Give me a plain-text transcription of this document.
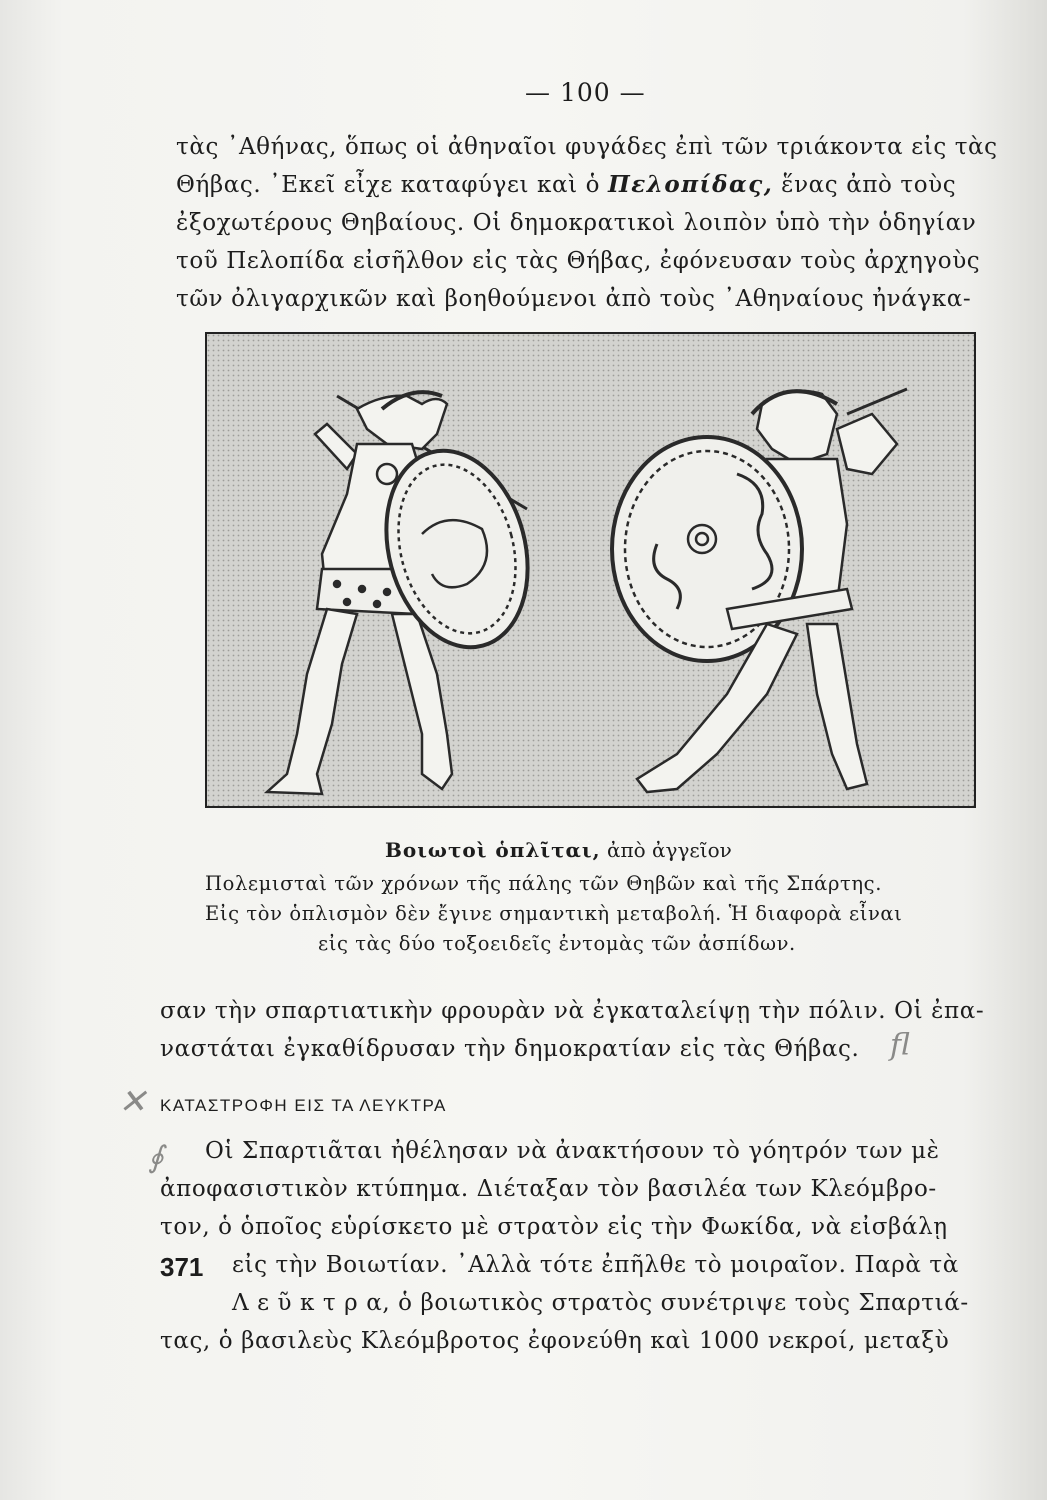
— 100 —
τὰς ᾿Αθήνας, ὅπως οἱ ἀθηναῖοι φυγάδες ἐπὶ τῶν τριάκοντα εἰς τὰς
Θήβας. ᾿Εκεῖ εἶχε καταφύγει καὶ ὁ Πελοπίδας, ἕνας ἀπὸ τοὺς
ἐξοχωτέρους Θηβαίους. Οἱ δημοκρατικοὶ λοιπὸν ὑπὸ τὴν ὁδηγίαν
τοῦ Πελοπίδα εἰσῆλθον εἰς τὰς Θήβας, ἐφόνευσαν τοὺς ἀρχηγοὺς
τῶν ὀλιγαρχικῶν καὶ βοηθούμενοι ἀπὸ τοὺς ᾿Αθηναίους ἠνάγκα-
Βοιωτοὶ ὁπλῖται, ἀπὸ ἀγγεῖον
Πολεμισταὶ τῶν χρόνων τῆς πάλης τῶν Θηβῶν καὶ τῆς Σπάρτης.
Εἰς τὸν ὁπλισμὸν δὲν ἔγινε σημαντικὴ μεταβολή. Ἡ διαφορὰ εἶναι
εἰς τὰς δύο τοξοειδεῖς ἐντομὰς τῶν ἀσπίδων.
σαν τὴν σπαρτιατικὴν φρουρὰν νὰ ἐγκαταλείψῃ τὴν πόλιν. Οἱ ἐπα-
ναστάται ἐγκαθίδρυσαν τὴν δημοκρατίαν εἰς τὰς Θήβας. ﬂ
✕
∮
ΚΑΤΑΣΤΡΟΦΗ ΕΙΣ ΤΑ ΛΕΥΚΤΡΑ
Οἱ Σπαρτιᾶται ἠθέλησαν νὰ ἀνακτήσουν τὸ γόητρόν των μὲ
ἀποφασιστικὸν κτύπημα. Διέταξαν τὸν βασιλέα των Κλεόμβρο-
τον, ὁ ὁποῖος εὑρίσκετο μὲ στρατὸν εἰς τὴν Φωκίδα, νὰ εἰσβάλῃ
εἰς τὴν Βοιωτίαν. ᾿Αλλὰ τότε ἐπῆλθε τὸ μοιραῖον. Παρὰ τὰ
Λ ε ῦ κ τ ρ α, ὁ βοιωτικὸς στρατὸς συνέτριψε τοὺς Σπαρτιά-
τας, ὁ βασιλεὺς Κλεόμβροτος ἐφονεύθη καὶ 1000 νεκροί, μεταξὺ
371
